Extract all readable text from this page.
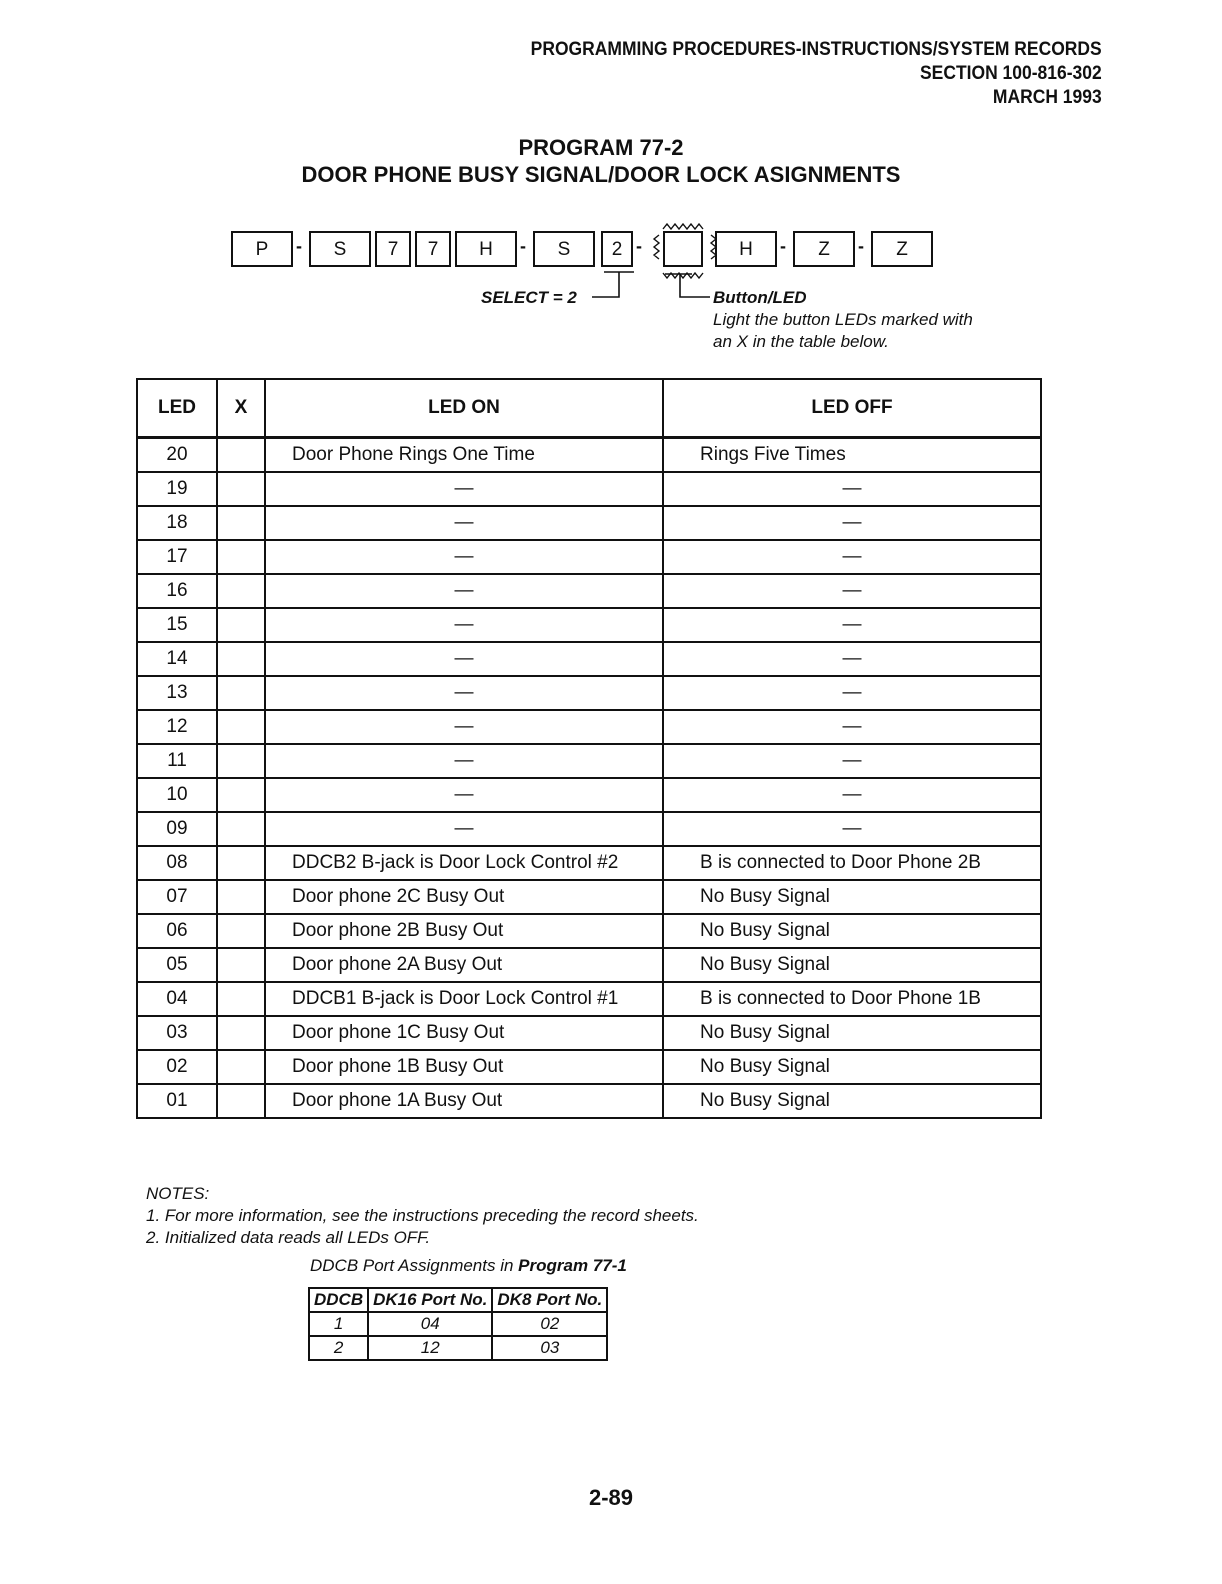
PROGRAMMING PROCEDURES-INSTRUCTIONS/SYSTEM RECORDS
SECTION 100-816-302
MARCH 1993
PROGRAM 77-2
DOOR PHONE BUSY SIGNAL/DOOR LOCK ASIGNMENTS
P	-	S	7	7	H	-	S	2 -	H	-	Z	-	Z
SELECT = 2	Button/LED
Light the button LEDs marked with
an X in the table below.
LED	X	LED ON	LED OFF
20		Door Phone Rings One Time	Rings Five Times
19		—	—
18		—	—
17		—	—
16		—	—
15		—	—
14		—	—
13		—	—
12		—	—
11		—	—
10		—	—
09		—	—
08		DDCB2 B-jack is Door Lock Control #2	B is connected to Door Phone 2B
07		Door phone 2C Busy Out	No Busy Signal
06		Door phone 2B Busy Out	No Busy Signal
05		Door phone 2A Busy Out	No Busy Signal
04		DDCB1 B-jack is Door Lock Control #1	B is connected to Door Phone 1B
03		Door phone 1C Busy Out	No Busy Signal
02		Door phone 1B Busy Out	No Busy Signal
01		Door phone 1A Busy Out	No Busy Signal
NOTES:
1. For more information, see the instructions preceding the record sheets.
2. Initialized data reads all LEDs OFF.
DDCB Port Assignments in Program 77-1
DDCB	DK16 Port No.	DK8 Port No.
1	04	02
2	12	03
2-89
